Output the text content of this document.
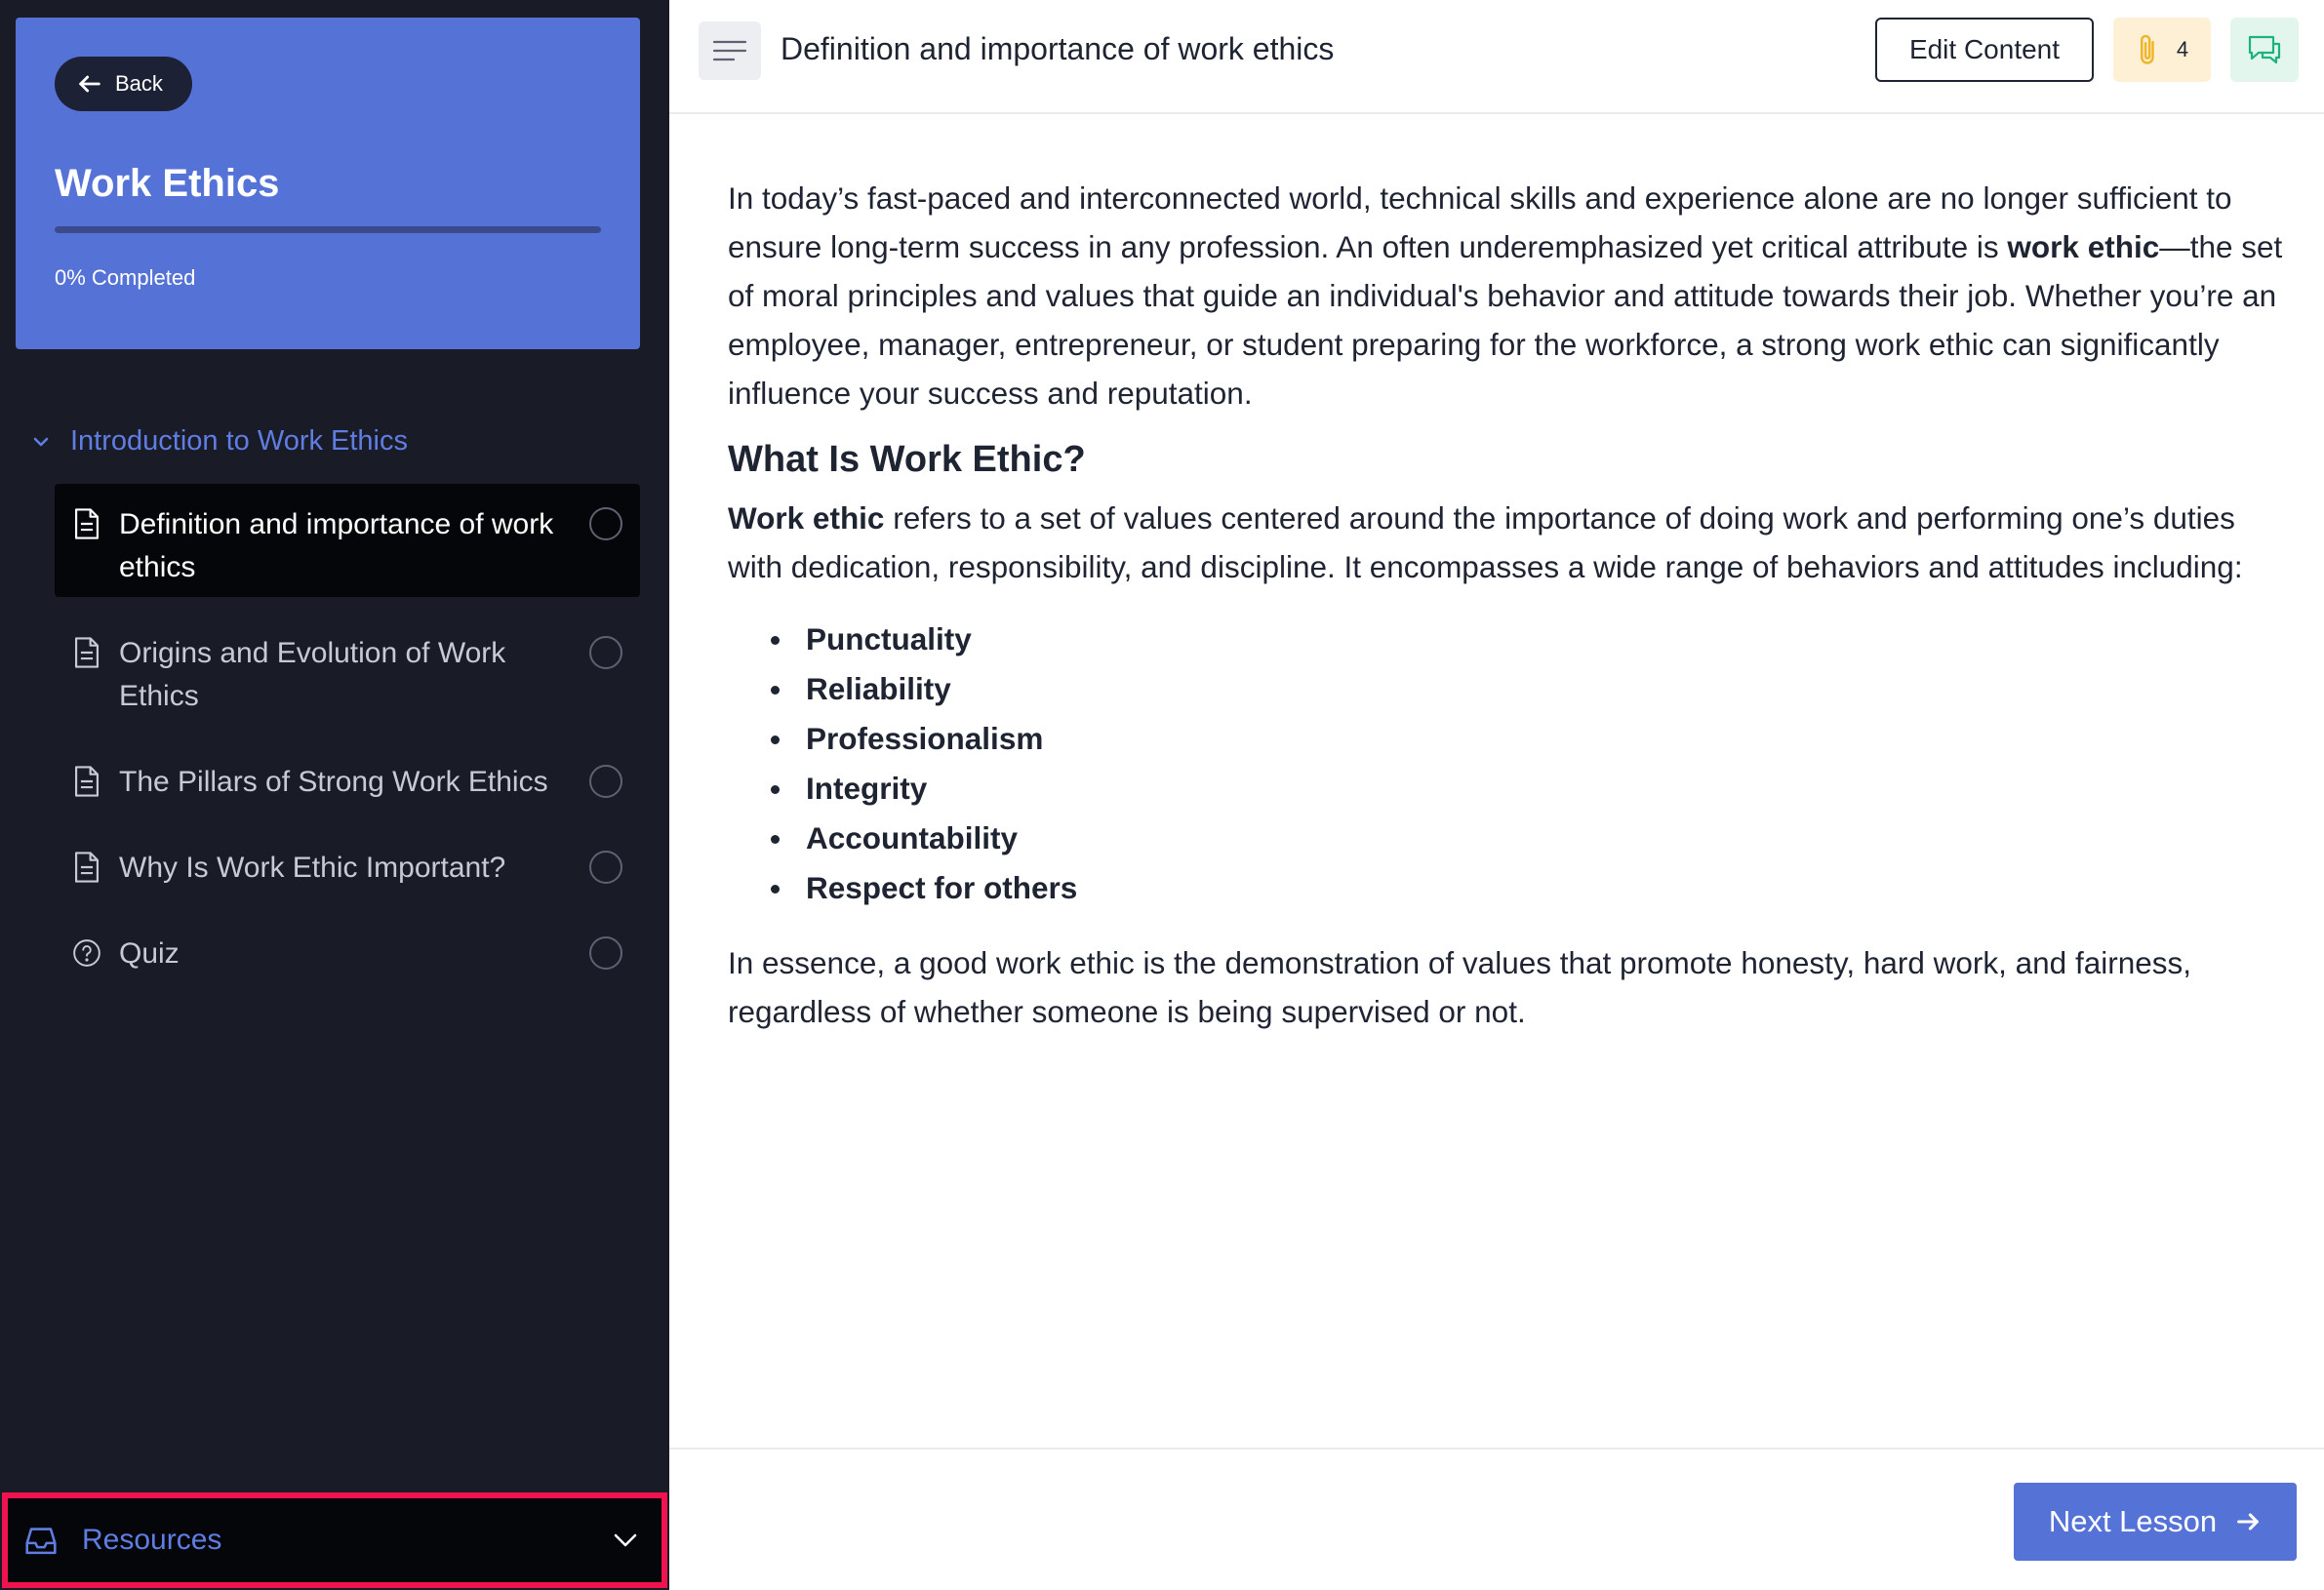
Back
Work Ethics
0% Completed
Introduction to Work Ethics
Definition and importance of work ethics
Origins and Evolution of Work Ethics
The Pillars of Strong Work Ethics
Why Is Work Ethic Important?
Quiz
Resources
Definition and importance of work ethics	Edit Content	4

In today’s fast-paced and interconnected world, technical skills and experience alone are no longer sufficient to ensure long-term success in any profession. An often underemphasized yet critical attribute is work ethic—the set of moral principles and values that guide an individual's behavior and attitude towards their job. Whether you’re an employee, manager, entrepreneur, or student preparing for the workforce, a strong work ethic can significantly influence your success and reputation.

What Is Work Ethic?

Work ethic refers to a set of values centered around the importance of doing work and performing one’s duties with dedication, responsibility, and discipline. It encompasses a wide range of behaviors and attitudes including:

Punctuality
Reliability
Professionalism
Integrity
Accountability
Respect for others

In essence, a good work ethic is the demonstration of values that promote honesty, hard work, and fairness, regardless of whether someone is being supervised or not.

Next Lesson
